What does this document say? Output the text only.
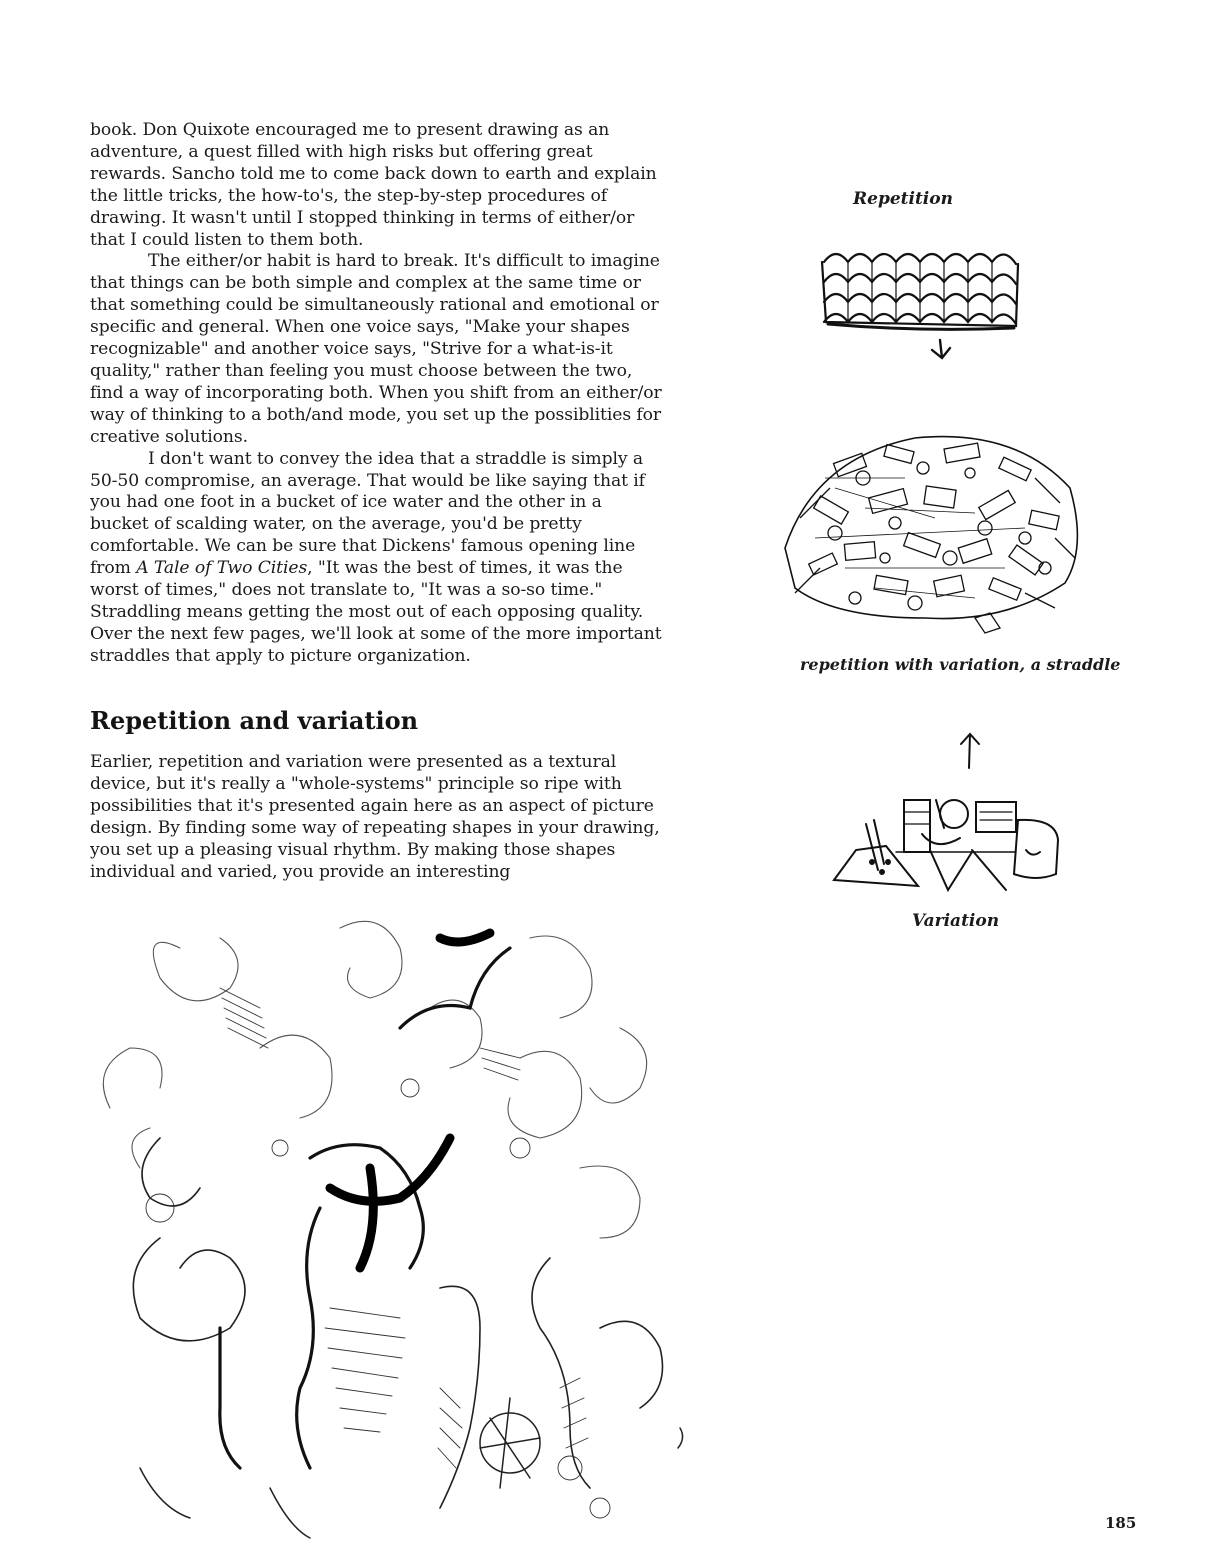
book. Don Quixote encouraged me to present drawing as an adventure, a quest filled with high risks but offering great rewards. Sancho told me to come back down to earth and explain the little tricks, the how-to's, the step-by-step procedures of drawing. It wasn't until I stopped thinking in terms of either/or that I could listen to them both.

The either/or habit is hard to break. It's difficult to imagine that things can be both simple and complex at the same time or that something could be simultaneously rational and emotional or specific and general. When one voice says, "Make your shapes recognizable" and another voice says, "Strive for a what-is-it quality," rather than feeling you must choose between the two, find a way of incorporating both. When you shift from an either/or way of thinking to a both/and mode, you set up the possiblities for creative solutions.

I don't want to convey the idea that a straddle is simply a 50-50 compromise, an average. That would be like saying that if you had one foot in a bucket of ice water and the other in a bucket of scalding water, on the average, you'd be pretty comfortable. We can be sure that Dickens' famous opening line from A Tale of Two Cities, "It was the best of times, it was the worst of times," does not translate to, "It was a so-so time." Straddling means getting the most out of each opposing quality. Over the next few pages, we'll look at some of the more important straddles that apply to picture organization.

Repetition and variation

Earlier, repetition and variation were presented as a textural device, but it's really a "whole-systems" principle so ripe with possibilities that it's presented again here as an aspect of picture design. By finding some way of repeating shapes in your drawing, you set up a pleasing visual rhythm. By making those shapes individual and varied, you provide an interesting

Repetition
repetition with variation, a straddle
Variation
185
